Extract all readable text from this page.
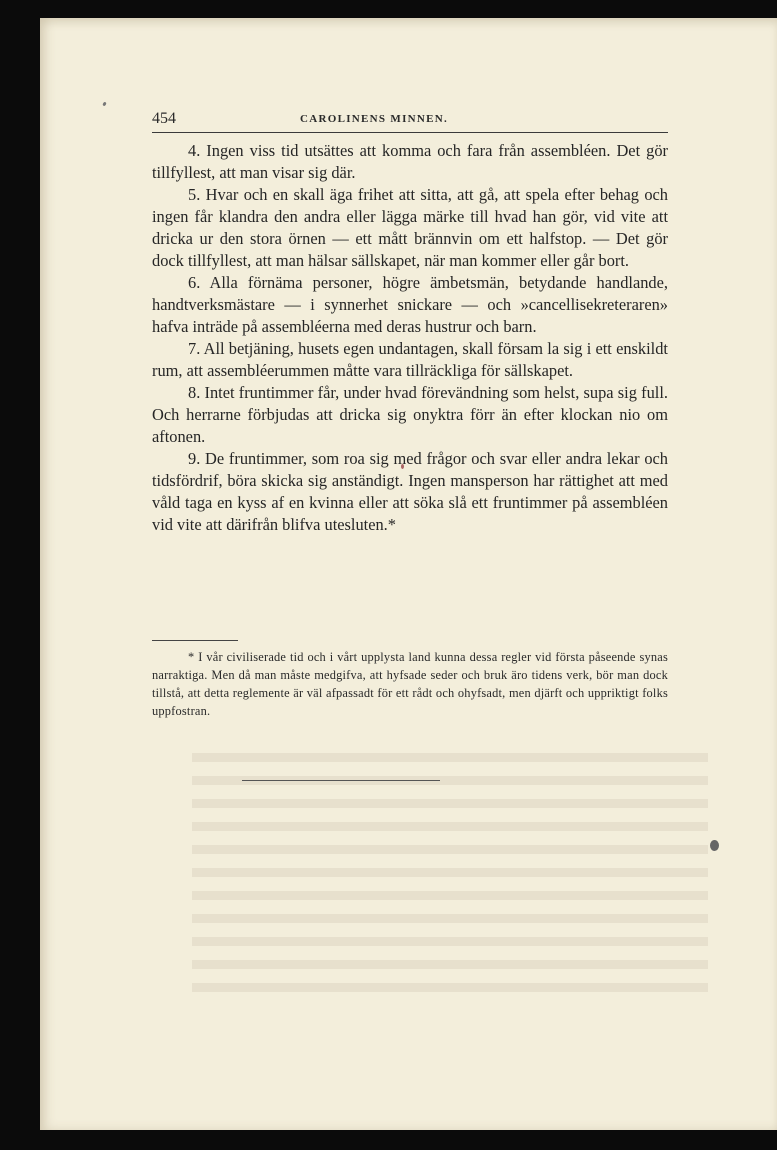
454	CAROLINENS MINNEN.

4. Ingen viss tid utsättes att komma och fara från assembléen. Det gör tillfyllest, att man visar sig där.

5. Hvar och en skall äga frihet att sitta, att gå, att spela efter behag och ingen får klandra den andra eller lägga märke till hvad han gör, vid vite att dricka ur den stora örnen — ett mått brännvin om ett halfstop. — Det gör dock tillfyllest, att man hälsar sällskapet, när man kommer eller går bort.

6. Alla förnäma personer, högre ämbetsmän, betydande handlande, handtverksmästare — i synnerhet snickare — och »cancellisekreteraren» hafva inträde på assembléerna med deras hustrur och barn.

7. All betjäning, husets egen undantagen, skall försam la sig i ett enskildt rum, att assembléerummen måtte vara tillräckliga för sällskapet.

8. Intet fruntimmer får, under hvad förevändning som helst, supa sig full. Och herrarne förbjudas att dricka sig onyktra förr än efter klockan nio om aftonen.

9. De fruntimmer, som roa sig med frågor och svar eller andra lekar och tidsfördrif, böra skicka sig anständigt. Ingen mansperson har rättighet att med våld taga en kyss af en kvinna eller att söka slå ett fruntimmer på assembléen vid vite att därifrån blifva utesluten.*

* I vår civiliserade tid och i vårt upplysta land kunna dessa regler vid första påseende synas narraktiga. Men då man måste medgifva, att hyfsade seder och bruk äro tidens verk, bör man dock tillstå, att detta reglemente är väl afpassadt för ett rådt och ohyfsadt, men djärft och uppriktigt folks uppfostran.
